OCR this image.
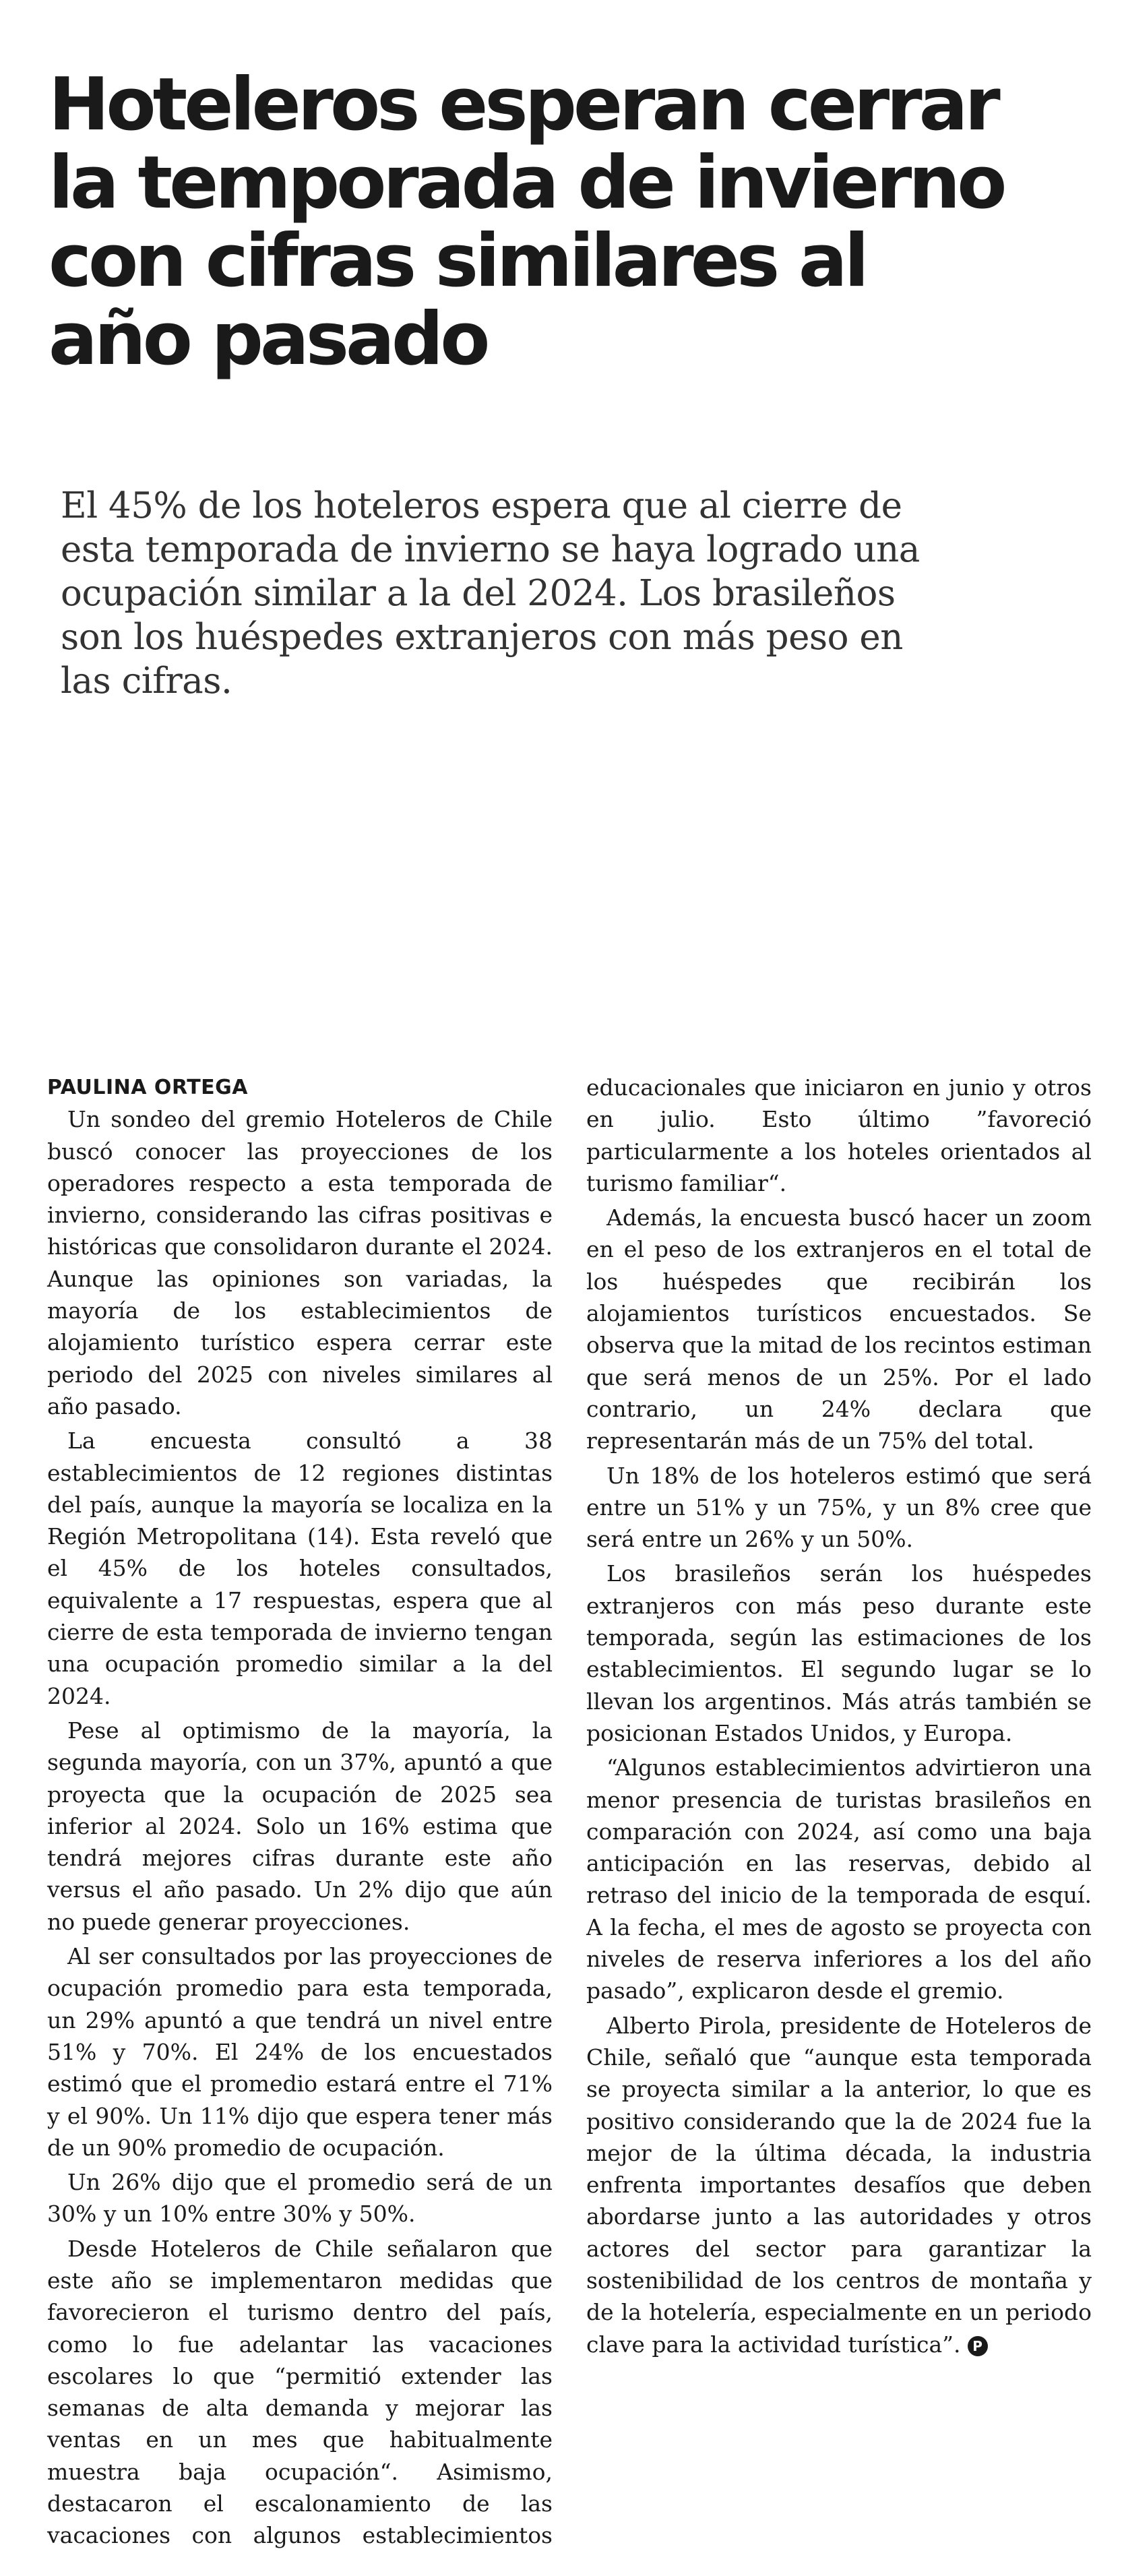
Hoteleros esperan cerrar la temporada de invierno con cifras similares al año pasado

El 45% de los hoteleros espera que al cierre de esta temporada de invierno se haya logrado una ocupación similar a la del 2024. Los brasileños son los huéspedes extranjeros con más peso en las cifras.

PAULINA ORTEGA

Un sondeo del gremio Hoteleros de Chile buscó conocer las proyecciones de los operadores respecto a esta temporada de invierno, considerando las cifras positivas e históricas que consolidaron durante el 2024. Aunque las opiniones son variadas, la mayoría de los establecimientos de alojamiento turístico espera cerrar este periodo del 2025 con niveles similares al año pasado.

La encuesta consultó a 38 establecimientos de 12 regiones distintas del país, aunque la mayoría se localiza en la Región Metropolitana (14). Esta reveló que el 45% de los hoteles consultados, equivalente a 17 respuestas, espera que al cierre de esta temporada de invierno tengan una ocupación promedio similar a la del 2024.

Pese al optimismo de la mayoría, la segunda mayoría, con un 37%, apuntó a que proyecta que la ocupación de 2025 sea inferior al 2024. Solo un 16% estima que tendrá mejores cifras durante este año versus el año pasado. Un 2% dijo que aún no puede generar proyecciones.

Al ser consultados por las proyecciones de ocupación promedio para esta temporada, un 29% apuntó a que tendrá un nivel entre 51% y 70%. El 24% de los encuestados estimó que el promedio estará entre el 71% y el 90%. Un 11% dijo que espera tener más de un 90% promedio de ocupación.

Un 26% dijo que el promedio será de un 30% y un 10% entre 30% y 50%.

Desde Hoteleros de Chile señalaron que este año se implementaron medidas que favorecieron el turismo dentro del país, como lo fue adelantar las vacaciones escolares lo que “permitió extender las semanas de alta demanda y mejorar las ventas en un mes que habitualmente muestra baja ocupación“. Asimismo, destacaron el escalonamiento de las vacaciones con algunos establecimientos educacionales que iniciaron en junio y otros en julio. Esto último ”favoreció particularmente a los hoteles orientados al turismo familiar“.

Además, la encuesta buscó hacer un zoom en el peso de los extranjeros en el total de los huéspedes que recibirán los alojamientos turísticos encuestados. Se observa que la mitad de los recintos estiman que será menos de un 25%. Por el lado contrario, un 24% declara que representarán más de un 75% del total.

Un 18% de los hoteleros estimó que será entre un 51% y un 75%, y un 8% cree que será entre un 26% y un 50%.

Los brasileños serán los huéspedes extranjeros con más peso durante este temporada, según las estimaciones de los establecimientos. El segundo lugar se lo llevan los argentinos. Más atrás también se posicionan Estados Unidos, y Europa.

“Algunos establecimientos advirtieron una menor presencia de turistas brasileños en comparación con 2024, así como una baja anticipación en las reservas, debido al retraso del inicio de la temporada de esquí. A la fecha, el mes de agosto se proyecta con niveles de reserva inferiores a los del año pasado”, explicaron desde el gremio.

Alberto Pirola, presidente de Hoteleros de Chile, señaló que “aunque esta temporada se proyecta similar a la anterior, lo que es positivo considerando que la de 2024 fue la mejor de la última década, la industria enfrenta importantes desafíos que deben abordarse junto a las autoridades y otros actores del sector para garantizar la sostenibilidad de los centros de montaña y de la hotelería, especialmente en un periodo clave para la actividad turística”. P
